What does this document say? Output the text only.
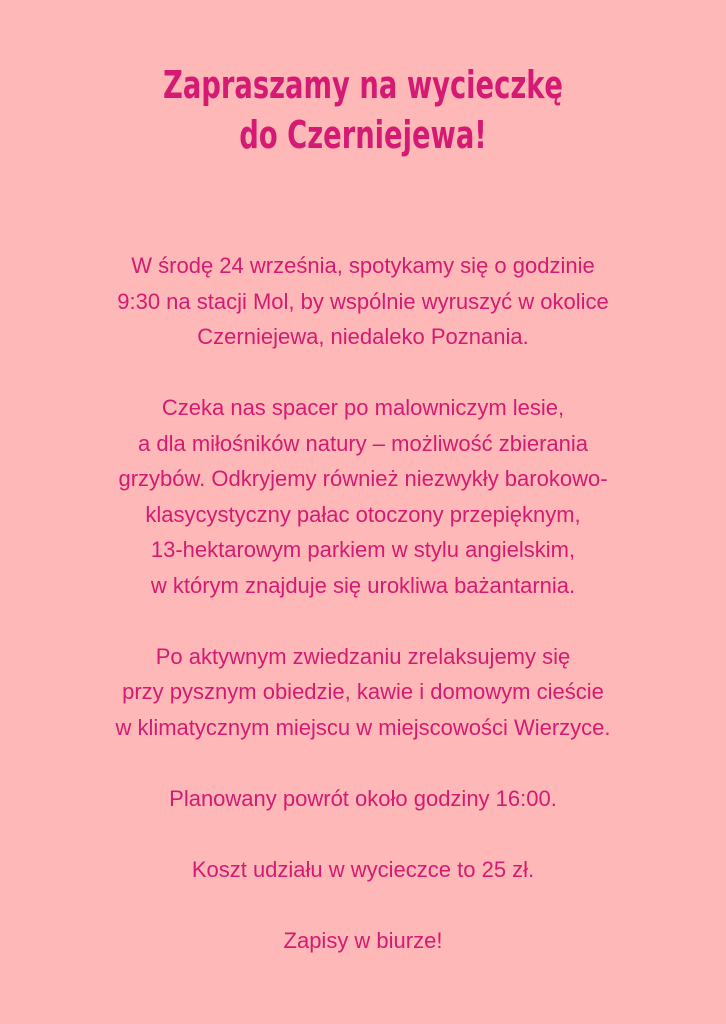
Zapraszamy na wycieczkę
do Czerniejewa!

W środę 24 września, spotykamy się o godzinie
9:30 na stacji Mol, by wspólnie wyruszyć w okolice
Czerniejewa, niedaleko Poznania.

Czeka nas spacer po malowniczym lesie,
a dla miłośników natury – możliwość zbierania
grzybów. Odkryjemy również niezwykły barokowo-
klasycystyczny pałac otoczony przepięknym,
13-hektarowym parkiem w stylu angielskim,
w którym znajduje się urokliwa bażantarnia.

Po aktywnym zwiedzaniu zrelaksujemy się
przy pysznym obiedzie, kawie i domowym cieście
w klimatycznym miejscu w miejscowości Wierzyce.

Planowany powrót około godziny 16:00.

Koszt udziału w wycieczce to 25 zł.

Zapisy w biurze!
